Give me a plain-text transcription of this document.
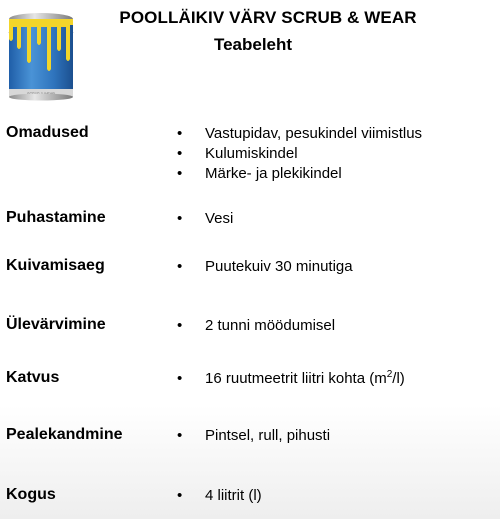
POOLLÄIKIV VÄRV SCRUB & WEAR
Teabeleht
Omadused	• Vastupidav, pesukindel viimistlus
• Kulumiskindel
• Märke- ja plekikindel
Puhastamine	• Vesi
Kuivamisaeg	• Puutekuiv 30 minutiga
Ülevärvimine	• 2 tunni möödumisel
Katvus	• 16 ruutmeetrit liitri kohta $(m^2/l)$
Pealekandmine	• Pintsel, rull, pihusti
Kogus	• 4 liitrit (l)
